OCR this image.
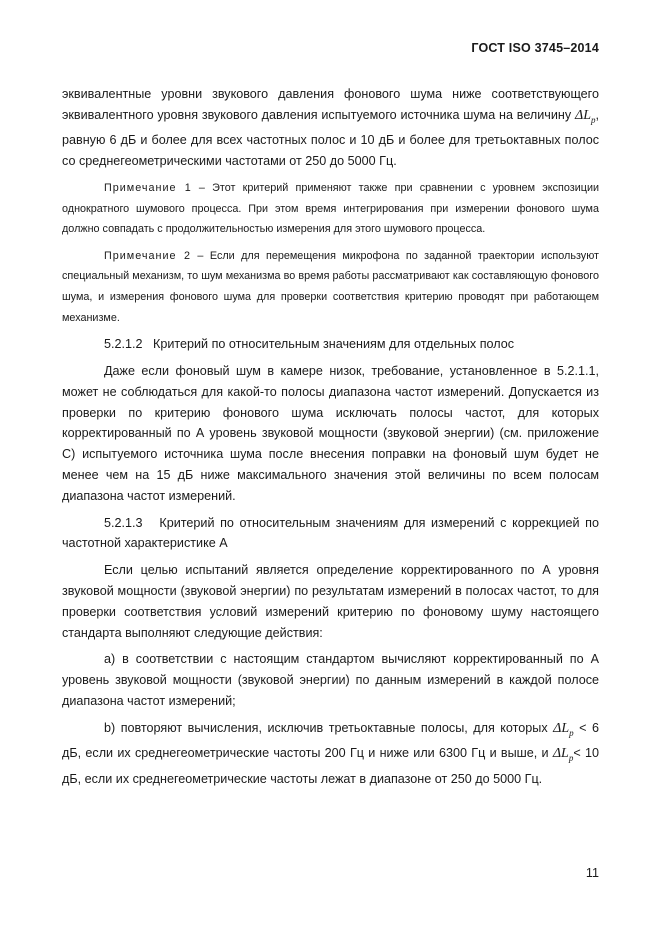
ГОСТ ISO 3745–2014

эквивалентные уровни звукового давления фонового шума ниже соответствующего эквивалентного уровня звукового давления испытуемого источника шума на величину $\Delta L_p$, равную 6 дБ и более для всех частотных полос и 10 дБ и более для третьоктавных полос со среднегеометрическими частотами от 250 до 5000 Гц.

Примечание 1 – Этот критерий применяют также при сравнении с уровнем экспозиции однократного шумового процесса. При этом время интегрирования при измерении фонового шума должно совпадать с продолжительностью измерения для этого шумового процесса.

Примечание 2 – Если для перемещения микрофона по заданной траектории используют специальный механизм, то шум механизма во время работы рассматривают как составляющую фонового шума, и измерения фонового шума для проверки соответствия критерию проводят при работающем механизме.

5.2.1.2   Критерий по относительным значениям для отдельных полос

Даже если фоновый шум в камере низок, требование, установленное в 5.2.1.1, может не соблюдаться для какой-то полосы диапазона частот измерений. Допускается из проверки по критерию фонового шума исключать полосы частот, для которых корректированный по А уровень звуковой мощности (звуковой энергии) (см. приложение С) испытуемого источника шума после внесения поправки на фоновый шум будет не менее чем на 15 дБ ниже максимального значения этой величины по всем полосам диапазона частот измерений.

5.2.1.3   Критерий по относительным значениям для измерений с коррекцией по частотной характеристике А

Если целью испытаний является определение корректированного по А уровня звуковой мощности (звуковой энергии) по результатам измерений в полосах частот, то для проверки соответствия условий измерений критерию по фоновому шуму настоящего стандарта выполняют следующие действия:

a) в соответствии с настоящим стандартом вычисляют корректированный по А уровень звуковой мощности (звуковой энергии) по данным измерений в каждой полосе диапазона частот измерений;

b) повторяют вычисления, исключив третьоктавные полосы, для которых $\Delta L_p < 6$ дБ, если их среднегеометрические частоты 200 Гц и ниже или 6300 Гц и выше, и $\Delta L_p< 10$ дБ, если их среднегеометрические частоты лежат в диапазоне от 250 до 5000 Гц.

11
